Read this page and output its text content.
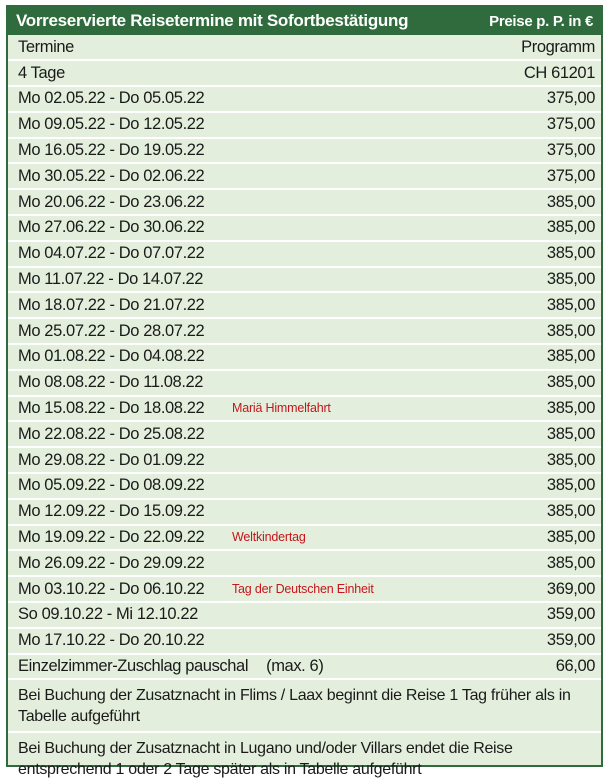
Vorreservierte Reisetermine mit Sofortbestätigung	Preise p. P. in €
Termine	Programm
4 Tage	CH 61201
Mo 02.05.22 - Do 05.05.22	375,00
Mo 09.05.22 - Do 12.05.22	375,00
Mo 16.05.22 - Do 19.05.22	375,00
Mo 30.05.22 - Do 02.06.22	375,00
Mo 20.06.22 - Do 23.06.22	385,00
Mo 27.06.22 - Do 30.06.22	385,00
Mo 04.07.22 - Do 07.07.22	385,00
Mo 11.07.22 - Do 14.07.22	385,00
Mo 18.07.22 - Do 21.07.22	385,00
Mo 25.07.22 - Do 28.07.22	385,00
Mo 01.08.22 - Do 04.08.22	385,00
Mo 08.08.22 - Do 11.08.22	385,00
Mo 15.08.22 - Do 18.08.22 Mariä Himmelfahrt	385,00
Mo 22.08.22 - Do 25.08.22	385,00
Mo 29.08.22 - Do 01.09.22	385,00
Mo 05.09.22 - Do 08.09.22	385,00
Mo 12.09.22 - Do 15.09.22	385,00
Mo 19.09.22 - Do 22.09.22 Weltkindertag	385,00
Mo 26.09.22 - Do 29.09.22	385,00
Mo 03.10.22 - Do 06.10.22 Tag der Deutschen Einheit	369,00
So 09.10.22 - Mi 12.10.22	359,00
Mo 17.10.22 - Do 20.10.22	359,00
Einzelzimmer-Zuschlag pauschal (max. 6)	66,00
Bei Buchung der Zusatznacht in Flims / Laax beginnt die Reise 1 Tag früher als in Tabelle aufgeführt
Bei Buchung der Zusatznacht in Lugano und/oder Villars endet die Reise entsprechend 1 oder 2 Tage später als in Tabelle aufgeführt
